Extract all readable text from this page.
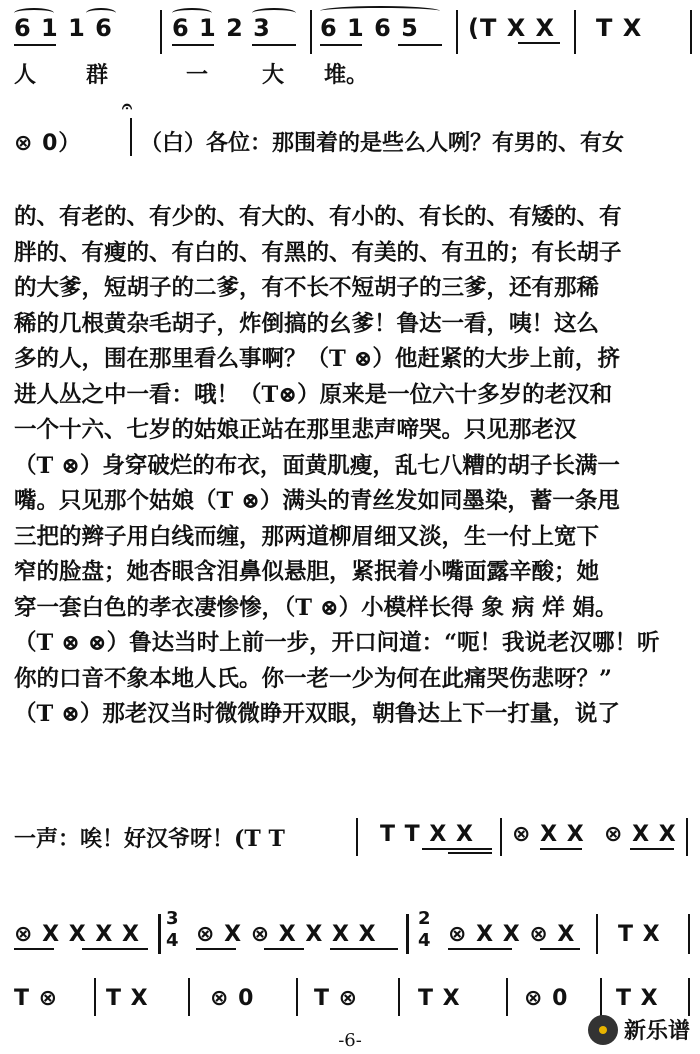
6 1 1 6 6 1 2 3 6 1 6 5 (T X X T X
人 群	一 大 堆。
⊗ 0）
𝄐
（白）各位：那围着的是些么人咧？有男的、有女
的、有老的、有少的、有大的、有小的、有长的、有矮的、有
胖的、有瘦的、有白的、有黑的、有美的、有丑的；有长胡子
的大爹，短胡子的二爹，有不长不短胡子的三爹，还有那稀
稀的几根黄杂毛胡子，炸倒搞的幺爹！鲁达一看，咦！这么
多的人，围在那里看么事啊？（T ⊗）他赶紧的大步上前，挤
进人丛之中一看：哦！（T⊗）原来是一位六十多岁的老汉和
一个十六、七岁的姑娘正站在那里悲声啼哭。只见那老汉
（T ⊗）身穿破烂的布衣，面黄肌瘦，乱七八糟的胡子长满一
嘴。只见那个姑娘（T ⊗）满头的青丝发如同墨染，蓄一条甩
三把的辫子用白线而缠，那两道柳眉细又淡，生一付上宽下
窄的脸盘；她杏眼含泪鼻似悬胆，紧抿着小嘴面露辛酸；她
穿一套白色的孝衣凄惨惨，（T ⊗）小模样长得 象 病 烊 娟。
（T ⊗ ⊗）鲁达当时上前一步，开口问道：“呃！我说老汉哪！听
你的口音不象本地人氏。你一老一少为何在此痛哭伤悲呀？”
（T ⊗）那老汉当时微微睁开双眼，朝鲁达上下一打量，说了
一声：唉！好汉爷呀！(T T	T T X X ⊗ X X ⊗ X X
⊗ X X X X
3
4 ⊗ X ⊗ X X X X
2
4 ⊗ X X ⊗ X T X
T ⊗ T X	⊗ 0	T ⊗	T X	⊗ 0 T X
-6-	新乐谱
